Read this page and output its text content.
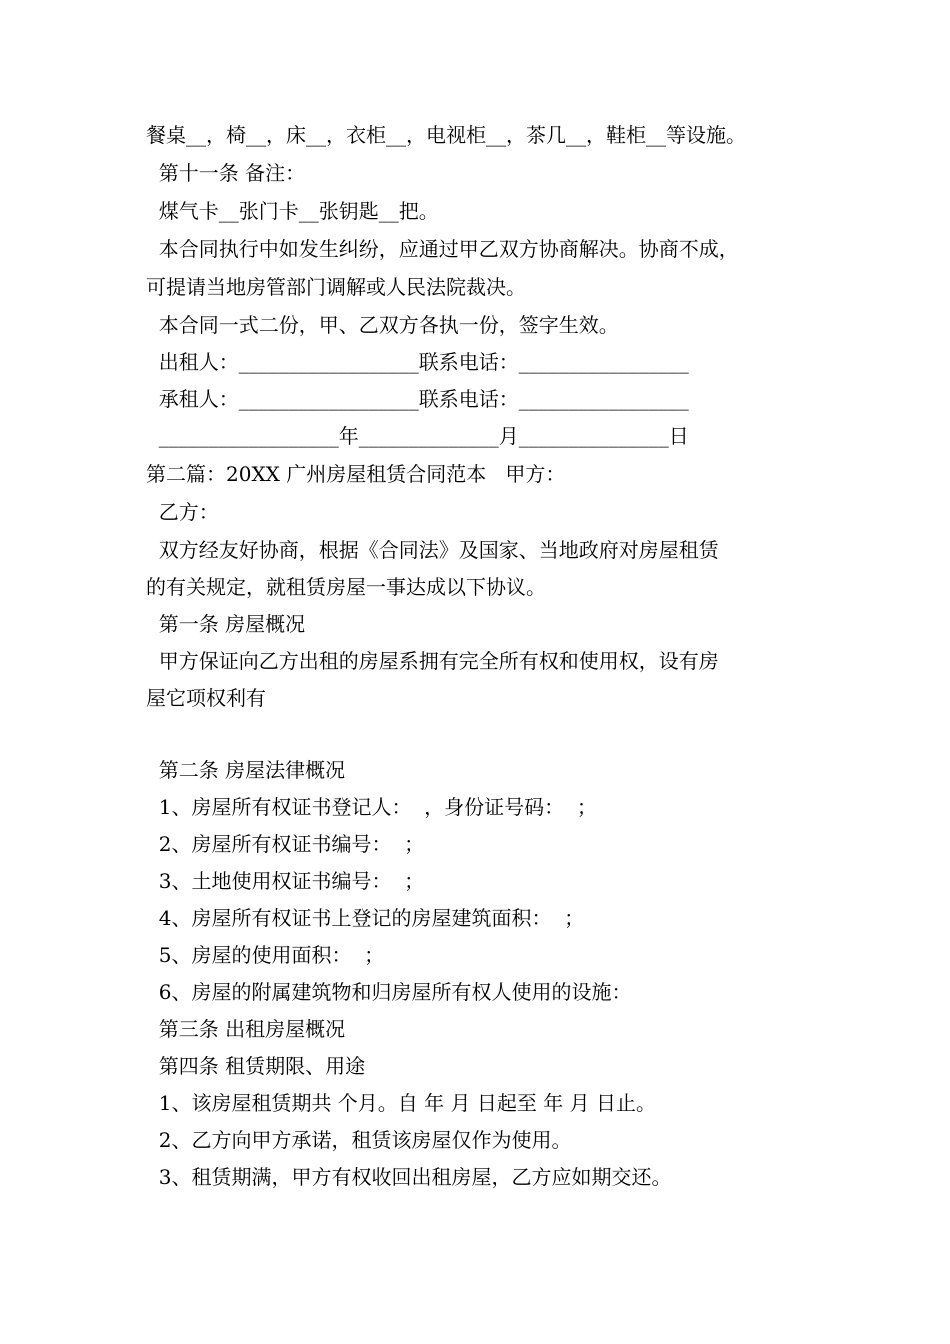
餐桌__，椅__，床__，衣柜__，电视柜__，茶几__，鞋柜__等设施。
第十一条 备注：
煤气卡__张门卡__张钥匙__把。
本合同执行中如发生纠纷，应通过甲乙双方协商解决。协商不成，
可提请当地房管部门调解或人民法院裁决。
本合同一式二份，甲、乙双方各执一份，签字生效。
出租人：__________________联系电话：_________________
承租人：__________________联系电话：_________________
__________________年______________月_______________日
第二篇：20XX 广州房屋租赁合同范本   甲方：
乙方：
双方经友好协商，根据《合同法》及国家、当地政府对房屋租赁
的有关规定，就租赁房屋一事达成以下协议。
第一条 房屋概况
甲方保证向乙方出租的房屋系拥有完全所有权和使用权，设有房
屋它项权利有
第二条 房屋法律概况
1、房屋所有权证书登记人：  ，身份证号码：  ；
2、房屋所有权证书编号：  ；
3、土地使用权证书编号：  ；
4、房屋所有权证书上登记的房屋建筑面积：  ；
5、房屋的使用面积：  ；
6、房屋的附属建筑物和归房屋所有权人使用的设施：
第三条 出租房屋概况
第四条 租赁期限、用途
1、该房屋租赁期共 个月。自 年 月 日起至 年 月 日止。
2、乙方向甲方承诺，租赁该房屋仅作为使用。
3、租赁期满，甲方有权收回出租房屋，乙方应如期交还。
